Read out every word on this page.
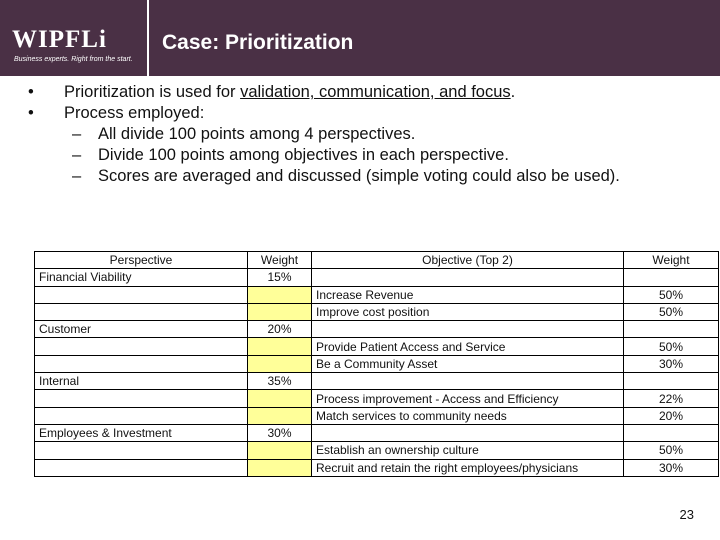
WIPFLi
Business experts. Right from the start.
Case: Prioritization
• Prioritization is used for validation, communication, and focus.
• Process employed:
– All divide 100 points among 4 perspectives.
– Divide 100 points among objectives in each perspective.
– Scores are averaged and discussed (simple voting could also be used).
Perspective	Weight	Objective (Top 2)	Weight
Financial Viability	15%		
		Increase Revenue	50%
		Improve cost position	50%
Customer	20%		
		Provide Patient Access and Service	50%
		Be a Community Asset	30%
Internal	35%		
		Process improvement - Access and Efficiency	22%
		Match services to community needs	20%
Employees & Investment	30%		
		Establish an ownership culture	50%
		Recruit and retain the right employees/physicians	30%
23
